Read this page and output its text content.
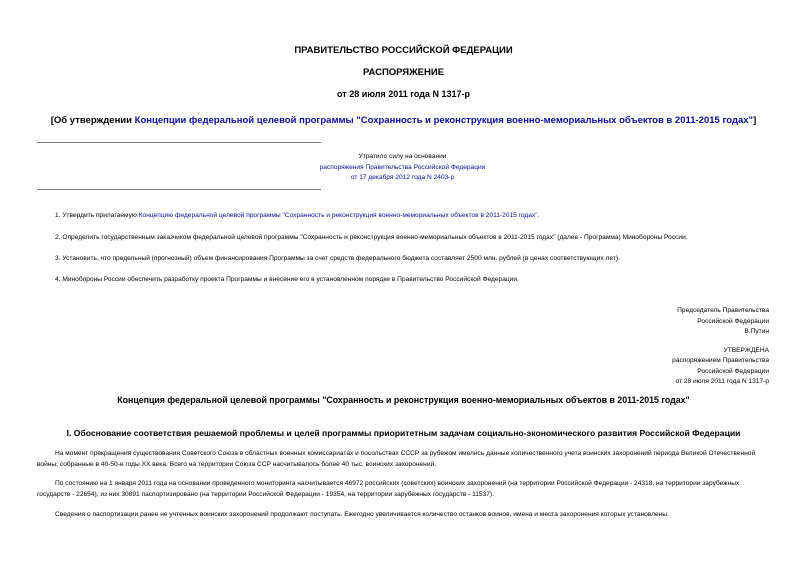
ПРАВИТЕЛЬСТВО РОССИЙСКОЙ ФЕДЕРАЦИИ
РАСПОРЯЖЕНИЕ
от 28 июля 2011 года N 1317-р
[Об утверждении Концепции федеральной целевой программы "Сохранность и реконструкция военно-мемориальных объектов в 2011-2015 годах"]
Утратило силу на основании
распоряжения Правительства Российской Федерации
от 17 декабря 2012 года N 2403-р
1. Утвердить прилагаемую Концепцию федеральной целевой программы "Сохранность и реконструкция военно-мемориальных объектов в 2011-2015 годах".
2. Определить государственным заказчиком федеральной целевой программы "Сохранность и реконструкция военно-мемориальных объектов в 2011-2015 годах" (далее - Программа) Минобороны России.
3. Установить, что предельный (прогнозный) объем финансирования Программы за счет средств федерального бюджета составляет 2500 млн. рублей (в ценах соответствующих лет).
4. Минобороны России обеспечить разработку проекта Программы и внесение его в установленном порядке в Правительство Российской Федерации.
Председатель Правительства
Российской Федерации
В.Путин
УТВЕРЖДЕНА
распоряжением Правительства
Российской Федерации
от 28 июля 2011 года N 1317-р
Концепция федеральной целевой программы "Сохранность и реконструкция военно-мемориальных объектов в 2011-2015 годах"
I. Обоснование соответствия решаемой проблемы и целей программы приоритетным задачам социально-экономического развития Российской Федерации
На момент прекращения существования Советского Союза в областных военных комиссариатах и посольствах СССР за рубежом имелись данные количественного учета воинских захоронений периода Великой Отечественной войны, собранные в 40-50-е годы XX века. Всего на территории Союза ССР насчитывалось более 40 тыс. воинских захоронений.
По состоянию на 1 января 2011 года на основании проведенного мониторинга насчитывается 46972 российских (советских) воинских захоронений (на территории Российской Федерации - 24318, на территории зарубежных государств - 22654), из них 30891 паспортизировано (на территории Российской Федерации - 19354, на территории зарубежных государств - 11537).
Сведения о паспортизации ранее не учтенных воинских захоронений продолжают поступать. Ежегодно увеличивается количество останков воинов, имена и места захоронения которых установлены.
